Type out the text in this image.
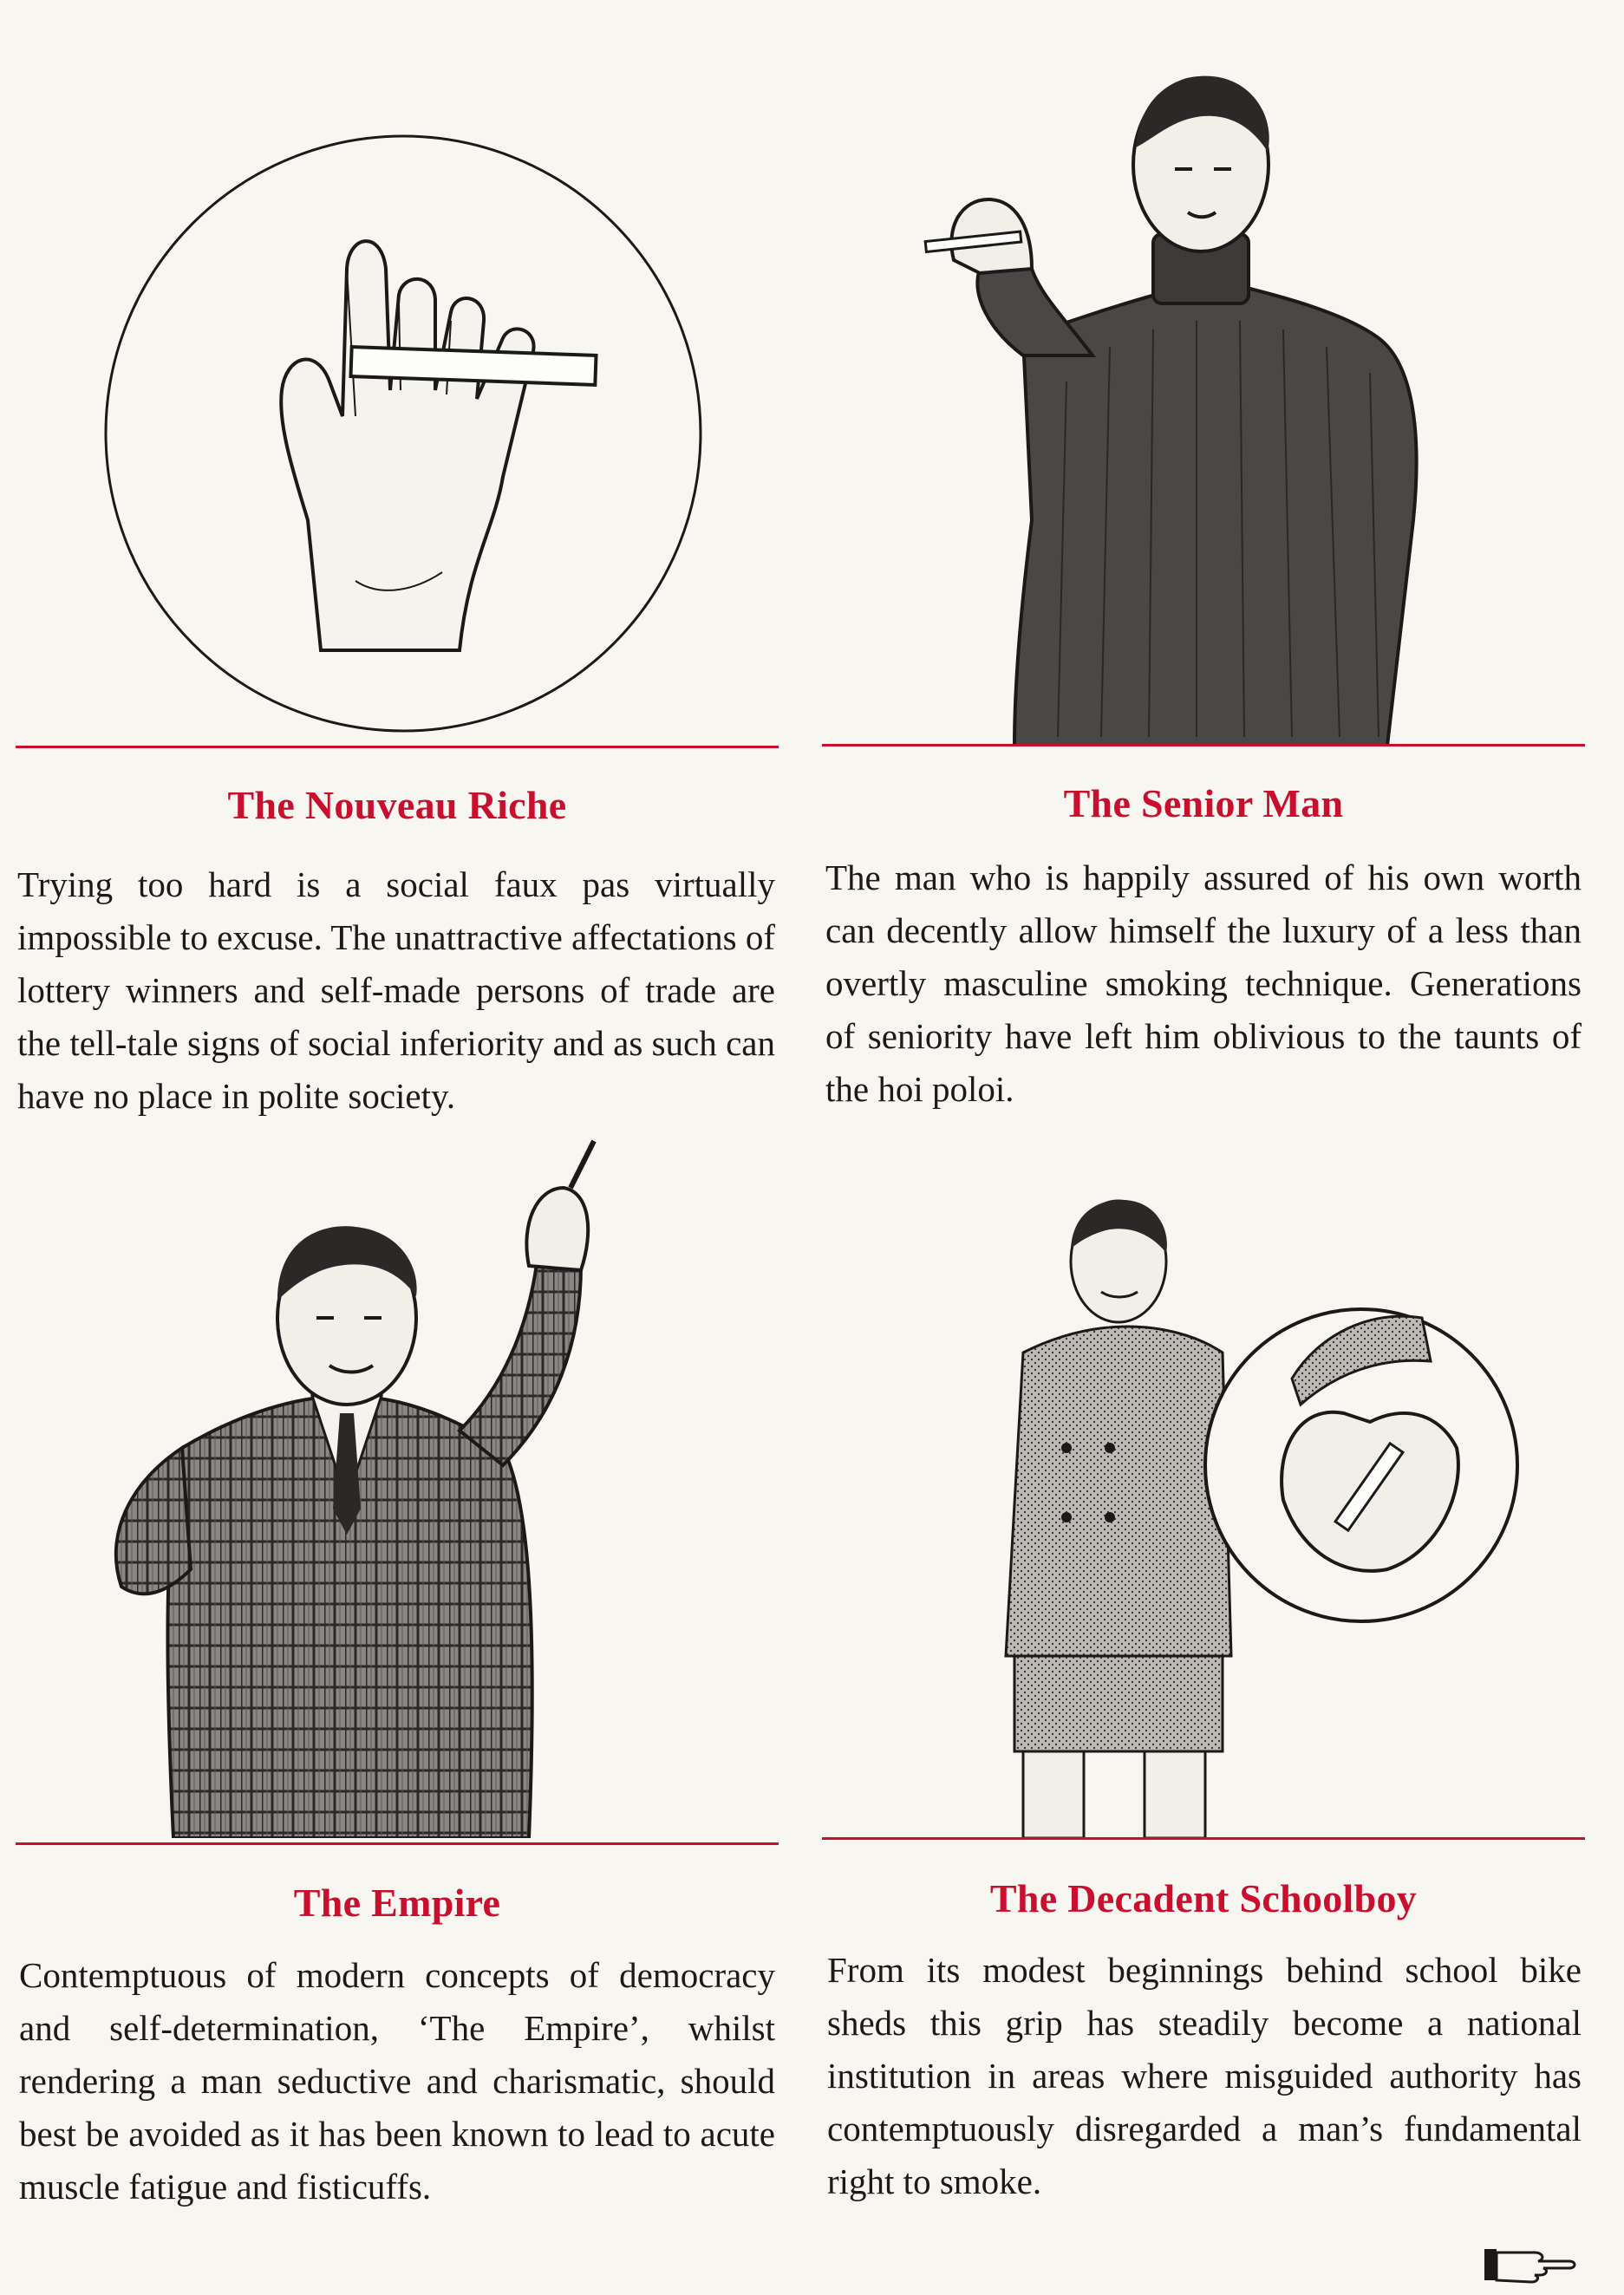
The Nouveau Riche
Trying too hard is a social faux pas virtually impossible to excuse. The unattractive affectations of lottery winners and self-made persons of trade are the tell-tale signs of social inferiority and as such can have no place in polite society.
The Senior Man
The man who is happily assured of his own worth can decently allow himself the luxury of a less than overtly masculine smoking technique. Generations of seniority have left him oblivious to the taunts of the hoi poloi.
The Empire
Contemptuous of modern concepts of democracy and self-determination, ‘The Empire’, whilst rendering a man seductive and charismatic, should best be avoided as it has been known to lead to acute muscle fatigue and fisticuffs.
The Decadent Schoolboy
From its modest beginnings behind school bike sheds this grip has steadily become a national institution in areas where misguided authority has contemptuously disregarded a man’s fundamental right to smoke.
